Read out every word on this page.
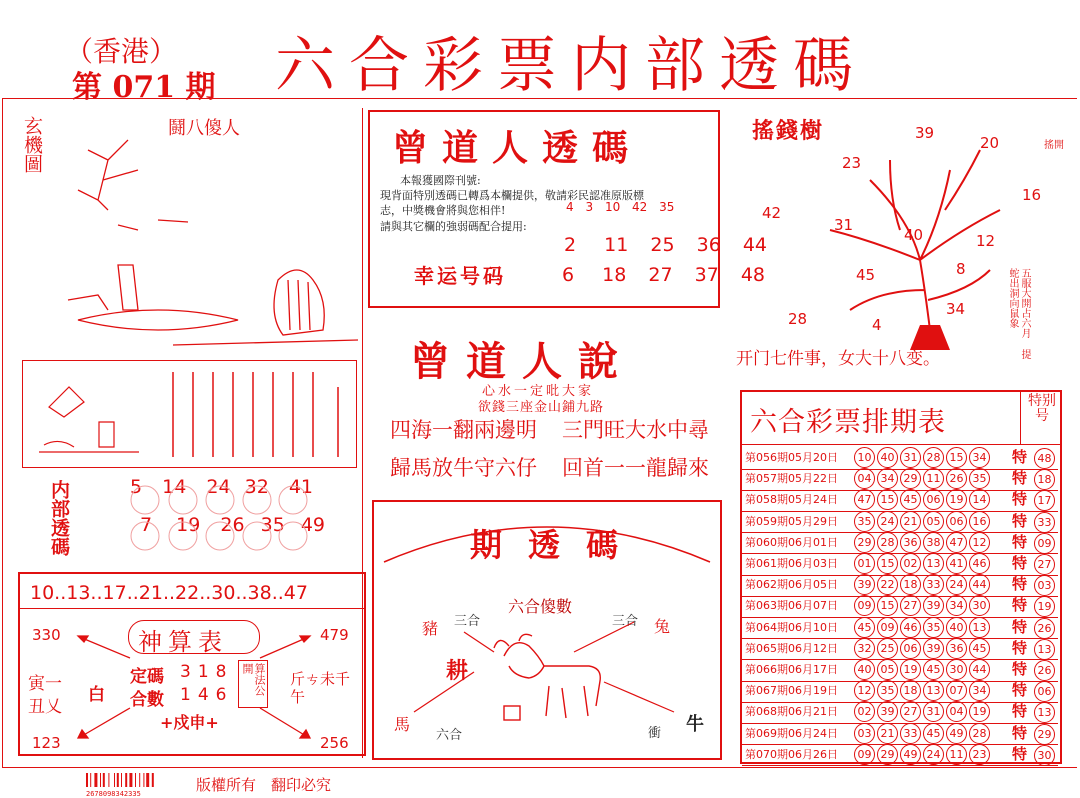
（香港）
第 071 期 六合彩票内部透碼
玄機圖	鬪八傻人
内部透碼	5 14 24 32 41
7 19 26 35 49
10..13..17..21..22..30..38..47
330	479
123	256
神算表
定碼 318
合數 146	算法公開
+戍申+
寅一
丑乂
白
斤ㄘ未千午
曾道人透碼
本報獲國際刊號:
現背面特別透碼已轉爲本欄提供，敬請彩民認准原版標
志，中獎機會將與您相伴!
請與其它欄的強弱碼配合提用:
4 3 10 42 35
2 11 25 36 44
幸运号码	6 18 27 37 48
曾道人說
心水一定吡大家
欲錢三座金山鋪九路
四海一翻兩邊明 三門旺大水中尋
歸馬放牛守六仔 回首一一龍歸來
期透碼
六合傻數
三合	三合
豬	兔
耕
馬
六合	衝 牛
搖錢樹	39
20
23
16
42
31
40	12
45	8
28	4
34
搖開
五服大開占六月 提蛇出洞向鼠象
开门七件事，女大十八变。
六合彩票排期表
特别号
第056期05月20日	10 40 31 28 15 34	特 48
第057期05月22日	04 34 29 11 26 35	特 18
第058期05月24日	47 15 45 06 19 14	特 17
第059期05月29日	35 24 21 05 06 16	特 33
第060期06月01日	29 28 36 38 47 12	特 09
第061期06月03日	01 15 02 13 41 46	特 27
第062期06月05日	39 22 18 33 24 44	特 03
第063期06月07日	09 15 27 39 34 30	特 19
第064期06月10日	45 09 46 35 40 13	特 26
第065期06月12日	32 25 06 39 36 45	特 13
第066期06月17日	40 05 19 45 30 44	特 26
第067期06月19日	12 35 18 13 07 34	特 06
第068期06月21日	02 39 27 31 04 19	特 13
第069期06月24日	03 21 33 45 49 28	特 29
第070期06月26日	09 29 49 24 11 23	特 30
2678098342335	版權所有　翻印必究
